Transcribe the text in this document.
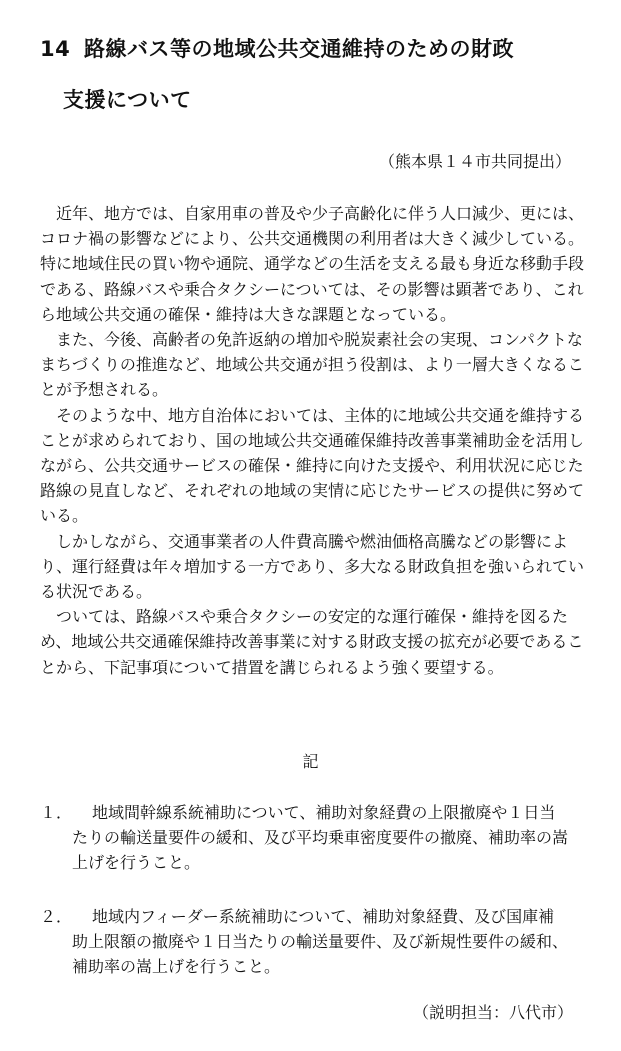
14 路線バス等の地域公共交通維持のための財政
支援について
（熊本県１４市共同提出）

近年、地方では、自家用車の普及や少子高齢化に伴う人口減少、更には、コロナ禍の影響などにより、公共交通機関の利用者は大きく減少している。特に地域住民の買い物や通院、通学などの生活を支える最も身近な移動手段である、路線バスや乗合タクシーについては、その影響は顕著であり、これら地域公共交通の確保・維持は大きな課題となっている。

また、今後、高齢者の免許返納の増加や脱炭素社会の実現、コンパクトなまちづくりの推進など、地域公共交通が担う役割は、より一層大きくなることが予想される。

そのような中、地方自治体においては、主体的に地域公共交通を維持することが求められており、国の地域公共交通確保維持改善事業補助金を活用しながら、公共交通サービスの確保・維持に向けた支援や、利用状況に応じた路線の見直しなど、それぞれの地域の実情に応じたサービスの提供に努めている。

しかしながら、交通事業者の人件費高騰や燃油価格高騰などの影響により、運行経費は年々増加する一方であり、多大なる財政負担を強いられている状況である。

ついては、路線バスや乗合タクシーの安定的な運行確保・維持を図るため、地域公共交通確保維持改善事業に対する財政支援の拡充が必要であることから、下記事項について措置を講じられるよう強く要望する。

記
１．	地域間幹線系統補助について、補助対象経費の上限撤廃や１日当たりの輸送量要件の緩和、及び平均乗車密度要件の撤廃、補助率の嵩上げを行うこと。

２．	地域内フィーダー系統補助について、補助対象経費、及び国庫補助上限額の撤廃や１日当たりの輸送量要件、及び新規性要件の緩和、補助率の嵩上げを行うこと。

（説明担当：八代市）
